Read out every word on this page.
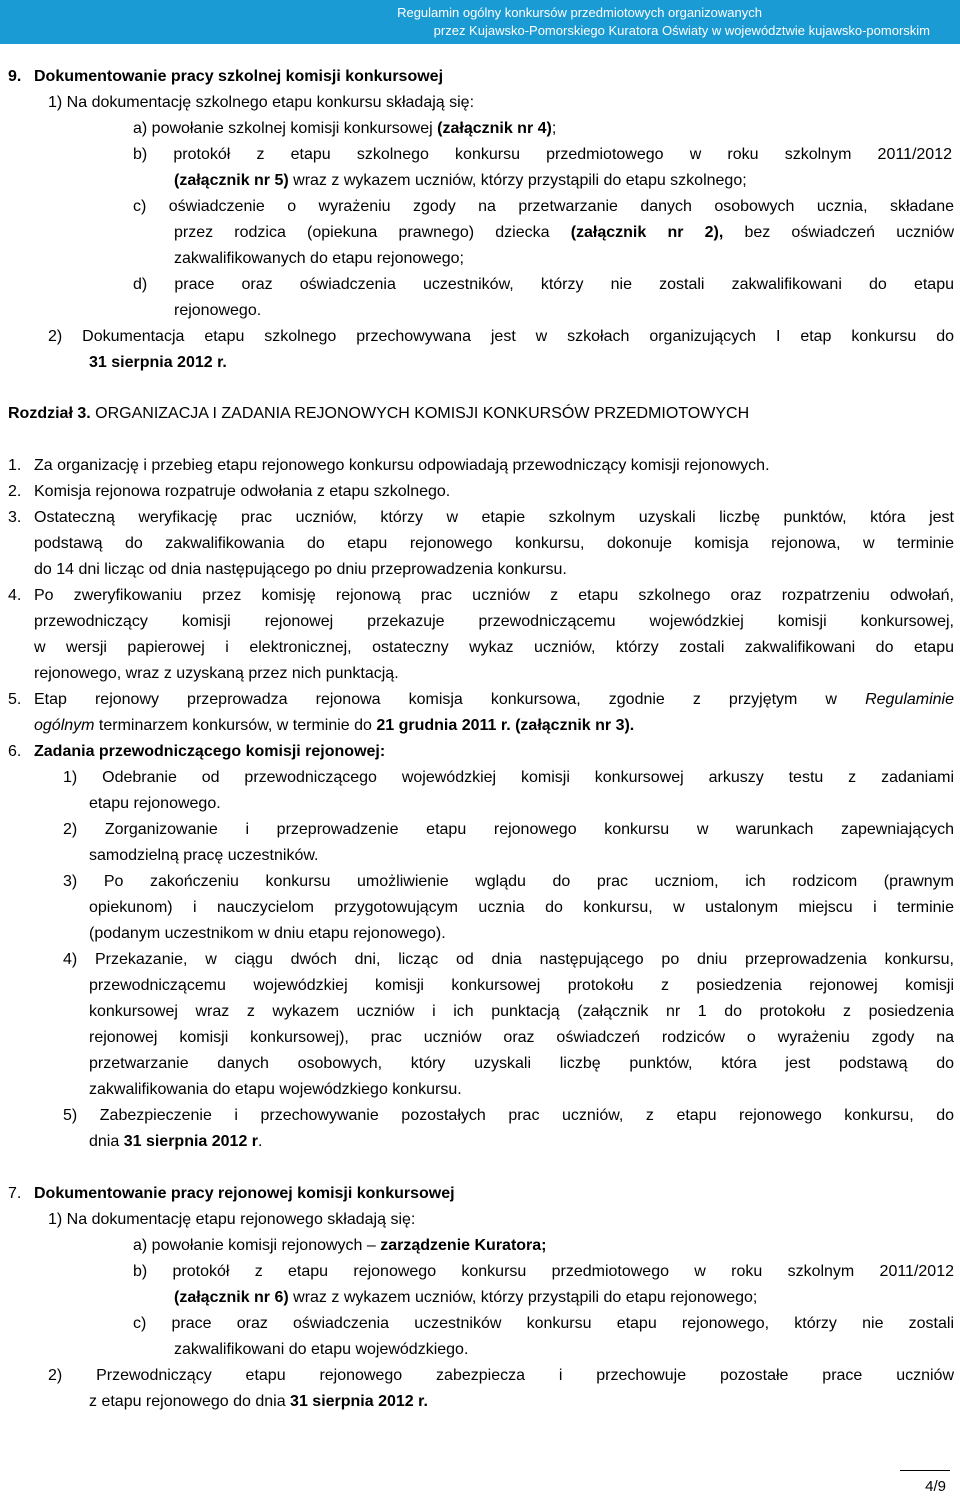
Regulamin ogólny konkursów przedmiotowych organizowanych
przez Kujawsko-Pomorskiego Kuratora Oświaty w województwie kujawsko-pomorskim
9. Dokumentowanie pracy szkolnej komisji konkursowej
1) Na dokumentację szkolnego etapu konkursu składają się:
a) powołanie szkolnej komisji konkursowej (załącznik nr 4);
b) protokół z etapu szkolnego konkursu przedmiotowego w roku szkolnym 2011/2012
(załącznik nr 5) wraz z wykazem uczniów, którzy przystąpili do etapu szkolnego;
c) oświadczenie o wyrażeniu zgody na przetwarzanie danych osobowych ucznia, składane
przez rodzica (opiekuna prawnego) dziecka (załącznik nr 2), bez oświadczeń uczniów
zakwalifikowanych do etapu rejonowego;
d) prace oraz oświadczenia uczestników, którzy nie zostali zakwalifikowani do etapu
rejonowego.
2) Dokumentacja etapu szkolnego przechowywana jest w szkołach organizujących I etap konkursu do
31 sierpnia 2012 r.
Rozdział 3. ORGANIZACJA I ZADANIA REJONOWYCH KOMISJI KONKURSÓW PRZEDMIOTOWYCH
1. Za organizację i przebieg etapu rejonowego konkursu odpowiadają przewodniczący komisji rejonowych.
2. Komisja rejonowa rozpatruje odwołania z etapu szkolnego.
3. Ostateczną weryfikację prac uczniów, którzy w etapie szkolnym uzyskali liczbę punktów, która jest
podstawą do zakwalifikowania do etapu rejonowego konkursu, dokonuje komisja rejonowa, w terminie
do 14 dni licząc od dnia następującego po dniu przeprowadzenia konkursu.
4. Po zweryfikowaniu przez komisję rejonową prac uczniów z etapu szkolnego oraz rozpatrzeniu odwołań,
przewodniczący komisji rejonowej przekazuje przewodniczącemu wojewódzkiej komisji konkursowej,
w wersji papierowej i elektronicznej, ostateczny wykaz uczniów, którzy zostali zakwalifikowani do etapu
rejonowego, wraz z uzyskaną przez nich punktacją.
5. Etap rejonowy przeprowadza rejonowa komisja konkursowa, zgodnie z przyjętym w Regulaminie
ogólnym terminarzem konkursów, w terminie do 21 grudnia 2011 r. (załącznik nr 3).
6. Zadania przewodniczącego komisji rejonowej:
1) Odebranie od przewodniczącego wojewódzkiej komisji konkursowej arkuszy testu z zadaniami
etapu rejonowego.
2) Zorganizowanie i przeprowadzenie etapu rejonowego konkursu w warunkach zapewniających
samodzielną pracę uczestników.
3) Po zakończeniu konkursu umożliwienie wglądu do prac uczniom, ich rodzicom (prawnym
opiekunom) i nauczycielom przygotowującym ucznia do konkursu, w ustalonym miejscu i terminie
(podanym uczestnikom w dniu etapu rejonowego).
4) Przekazanie, w ciągu dwóch dni, licząc od dnia następującego po dniu przeprowadzenia konkursu,
przewodniczącemu wojewódzkiej komisji konkursowej protokołu z posiedzenia rejonowej komisji
konkursowej wraz z wykazem uczniów i ich punktacją (załącznik nr 1 do protokołu z posiedzenia
rejonowej komisji konkursowej), prac uczniów oraz oświadczeń rodziców o wyrażeniu zgody na
przetwarzanie danych osobowych, który uzyskali liczbę punktów, która jest podstawą do
zakwalifikowania do etapu wojewódzkiego konkursu.
5) Zabezpieczenie i przechowywanie pozostałych prac uczniów, z etapu rejonowego konkursu, do
dnia 31 sierpnia 2012 r.
7. Dokumentowanie pracy rejonowej komisji konkursowej
1) Na dokumentację etapu rejonowego składają się:
a) powołanie komisji rejonowych – zarządzenie Kuratora;
b) protokół z etapu rejonowego konkursu przedmiotowego w roku szkolnym 2011/2012
(załącznik nr 6) wraz z wykazem uczniów, którzy przystąpili do etapu rejonowego;
c) prace oraz oświadczenia uczestników konkursu etapu rejonowego, którzy nie zostali
zakwalifikowani do etapu wojewódzkiego.
2) Przewodniczący etapu rejonowego zabezpiecza i przechowuje pozostałe prace uczniów
z etapu rejonowego do dnia 31 sierpnia 2012 r.
4/9
